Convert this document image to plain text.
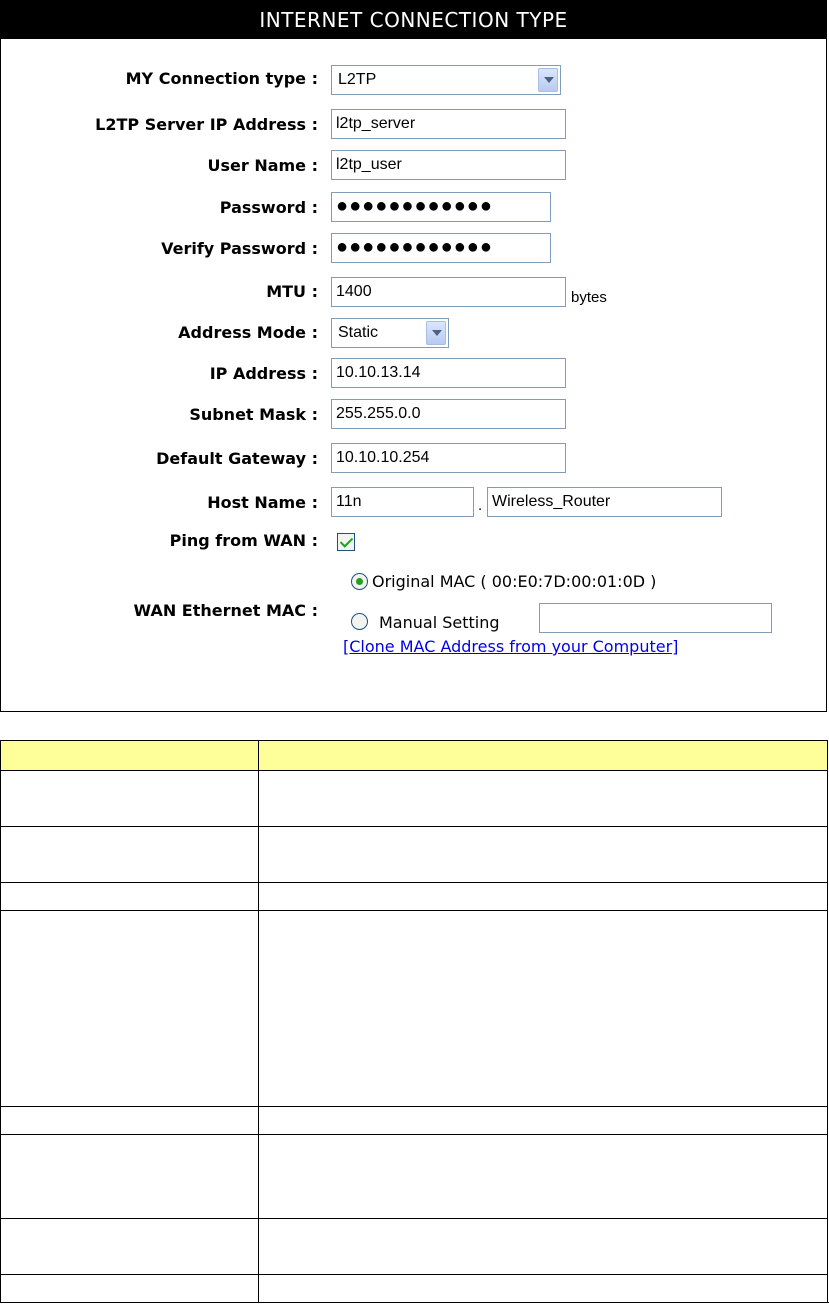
INTERNET CONNECTION TYPE
MY Connection type :	L2TP
L2TP Server IP Address :	l2tp_server
User Name :	l2tp_user
Password : ●●●●●●●●●●●●
Verify Password : ●●●●●●●●●●●●
MTU :	1400	bytes
Address Mode :	Static
IP Address :	10.10.13.14
Subnet Mask :	255.255.0.0
Default Gateway :	10.10.10.254
Host Name :	11n	. Wireless_Router
Ping from WAN :
WAN Ethernet MAC :
Original MAC ( 00:E0:7D:00:01:0D )
Manual Setting
[Clone MAC Address from your Computer]
